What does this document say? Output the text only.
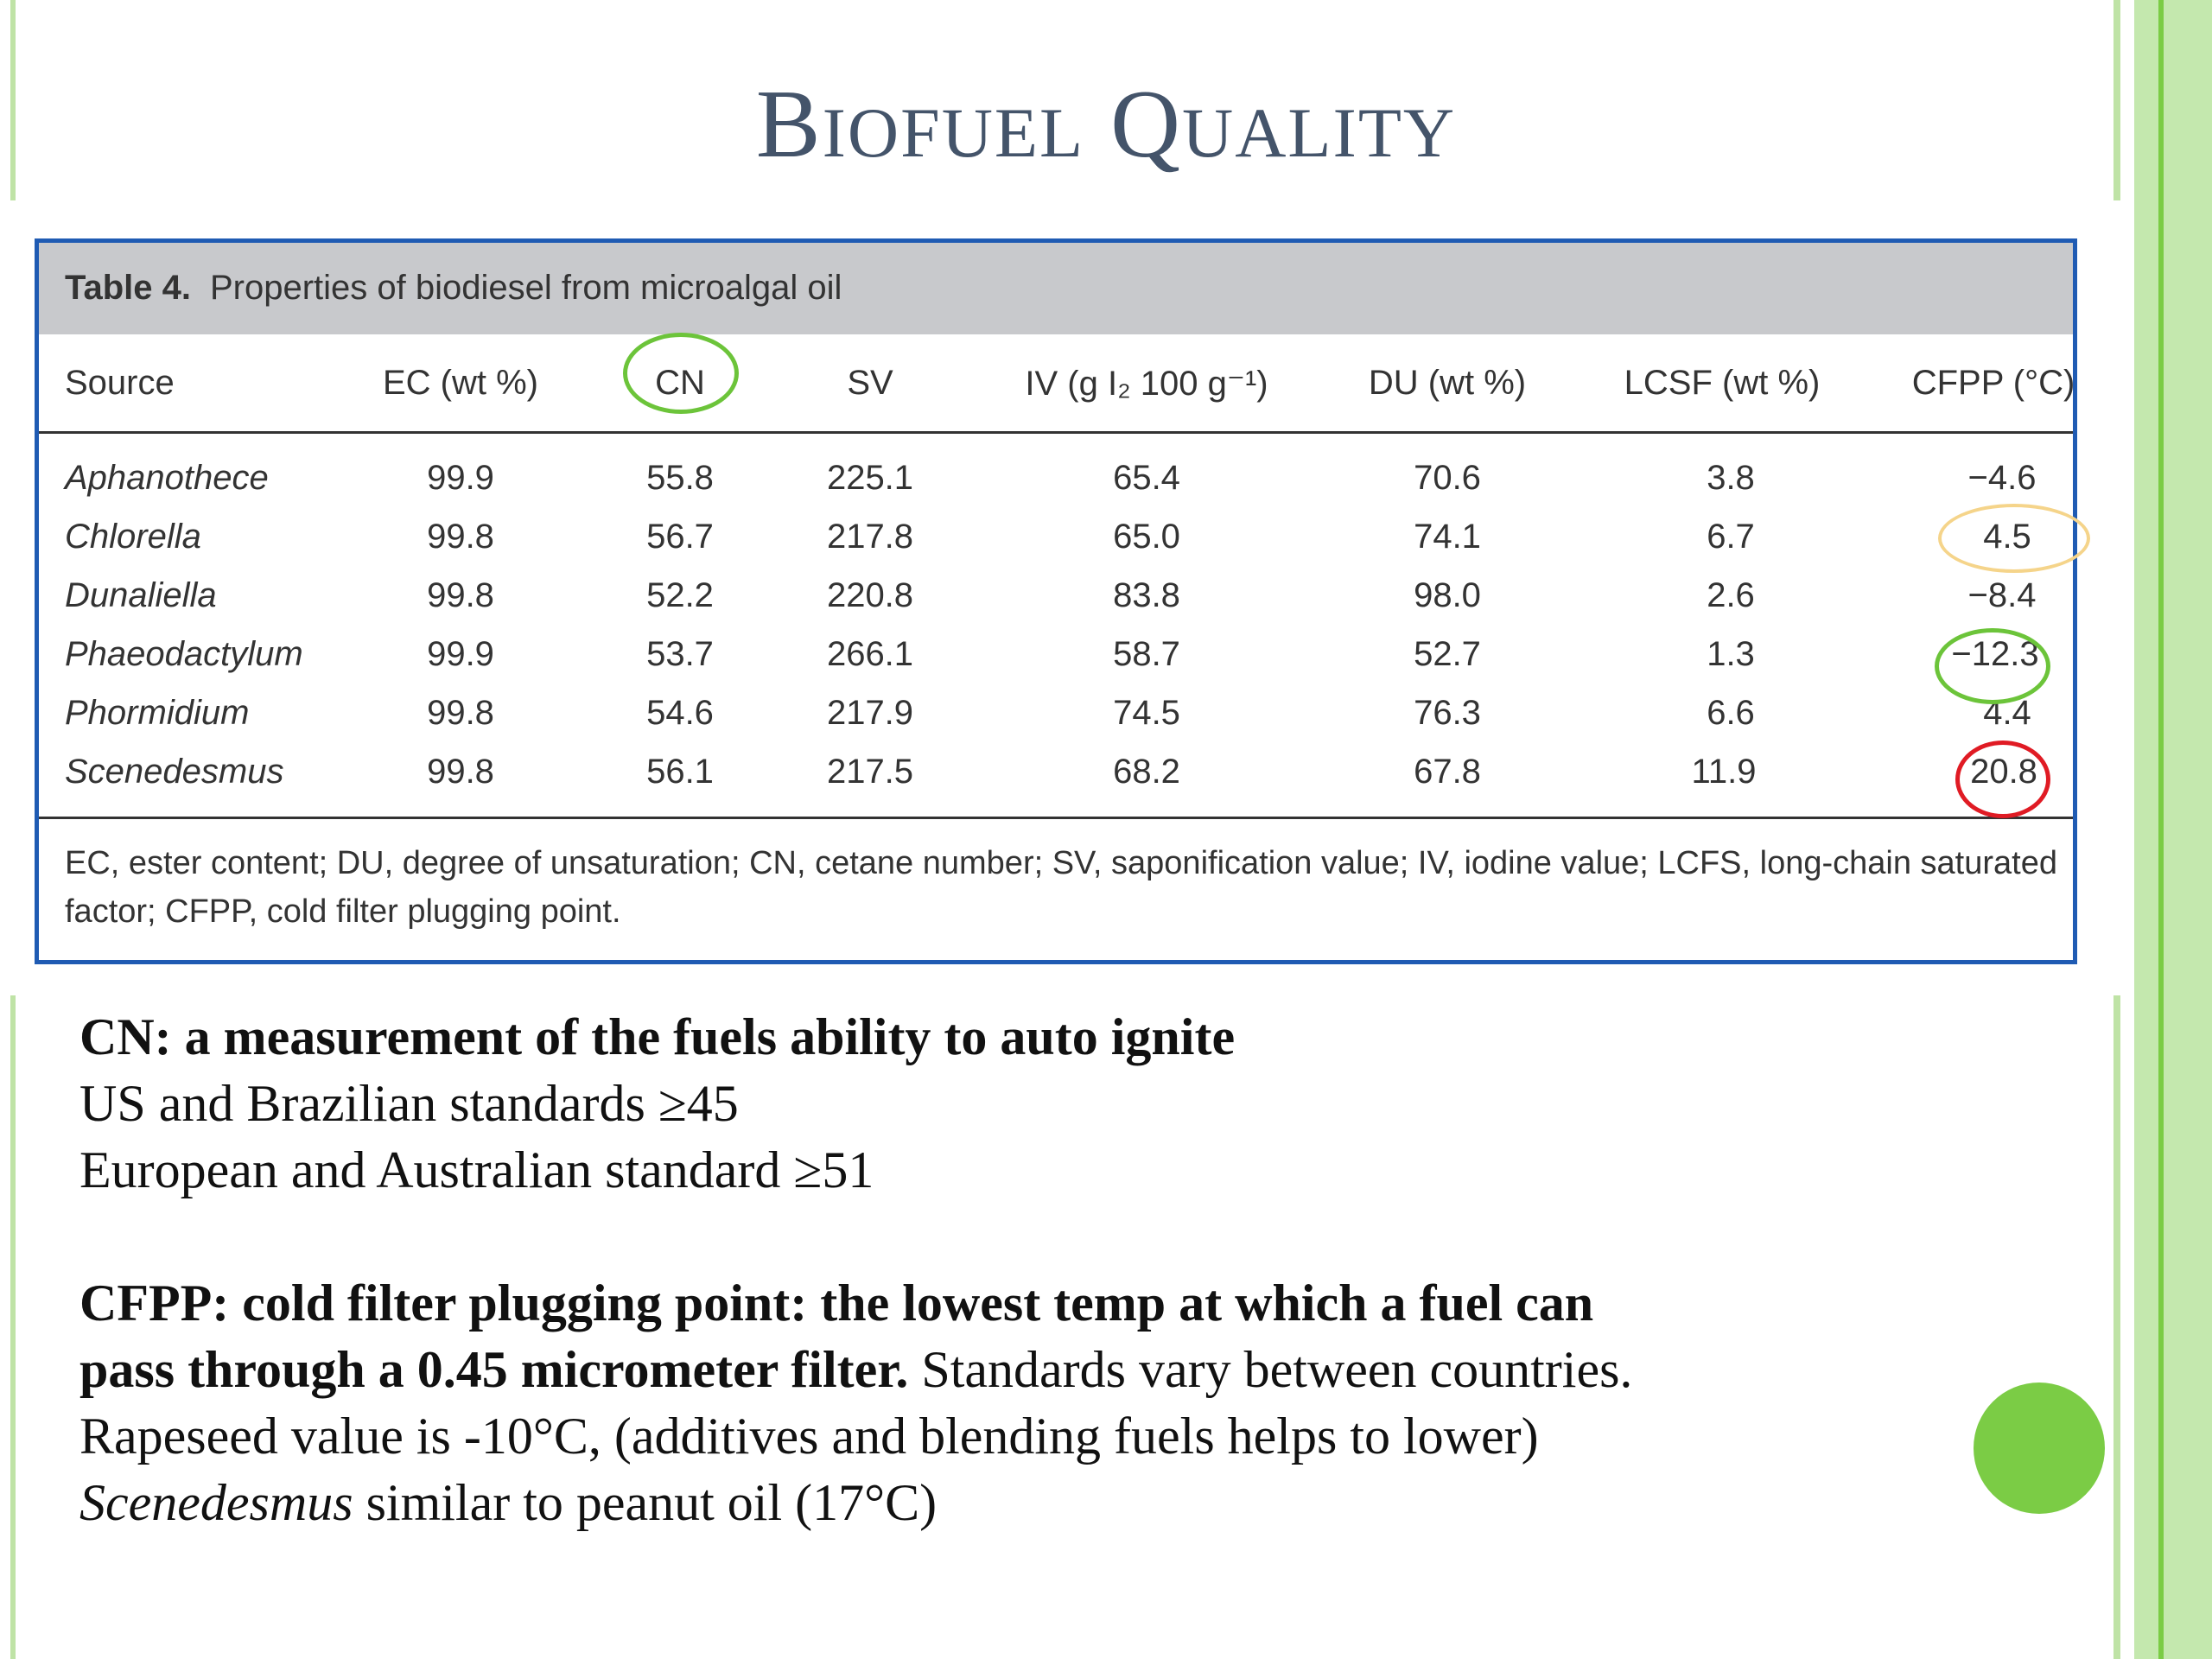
BIOFUEL QUALITY
Table 4. Properties of biodiesel from microalgal oil
Source	EC (wt %)	CN	SV	IV (g I₂ 100 g⁻¹)	DU (wt %)	LCSF (wt %)	CFPP (°C)
Aphanothece	99.9	55.8	225.1	65.4	70.6	3.8	−4.6
Chlorella	99.8	56.7	217.8	65.0	74.1	6.7	4.5
Dunaliella	99.8	52.2	220.8	83.8	98.0	2.6	−8.4
Phaeodactylum	99.9	53.7	266.1	58.7	52.7	1.3	−12.3
Phormidium	99.8	54.6	217.9	74.5	76.3	6.6	4.4
Scenedesmus	99.8	56.1	217.5	68.2	67.8	11.9	20.8
EC, ester content; DU, degree of unsaturation; CN, cetane number; SV, saponification value; IV, iodine value; LCFS, long-chain saturated factor; CFPP, cold filter plugging point.

CN: a measurement of the fuels ability to auto ignite

US and Brazilian standards ≥45

European and Australian standard ≥51

CFPP: cold filter plugging point: the lowest temp at which a fuel can

pass through a 0.45 micrometer filter. Standards vary between countries.

Rapeseed value is -10°C, (additives and blending fuels helps to lower)

Scenedesmus similar to peanut oil (17°C)
